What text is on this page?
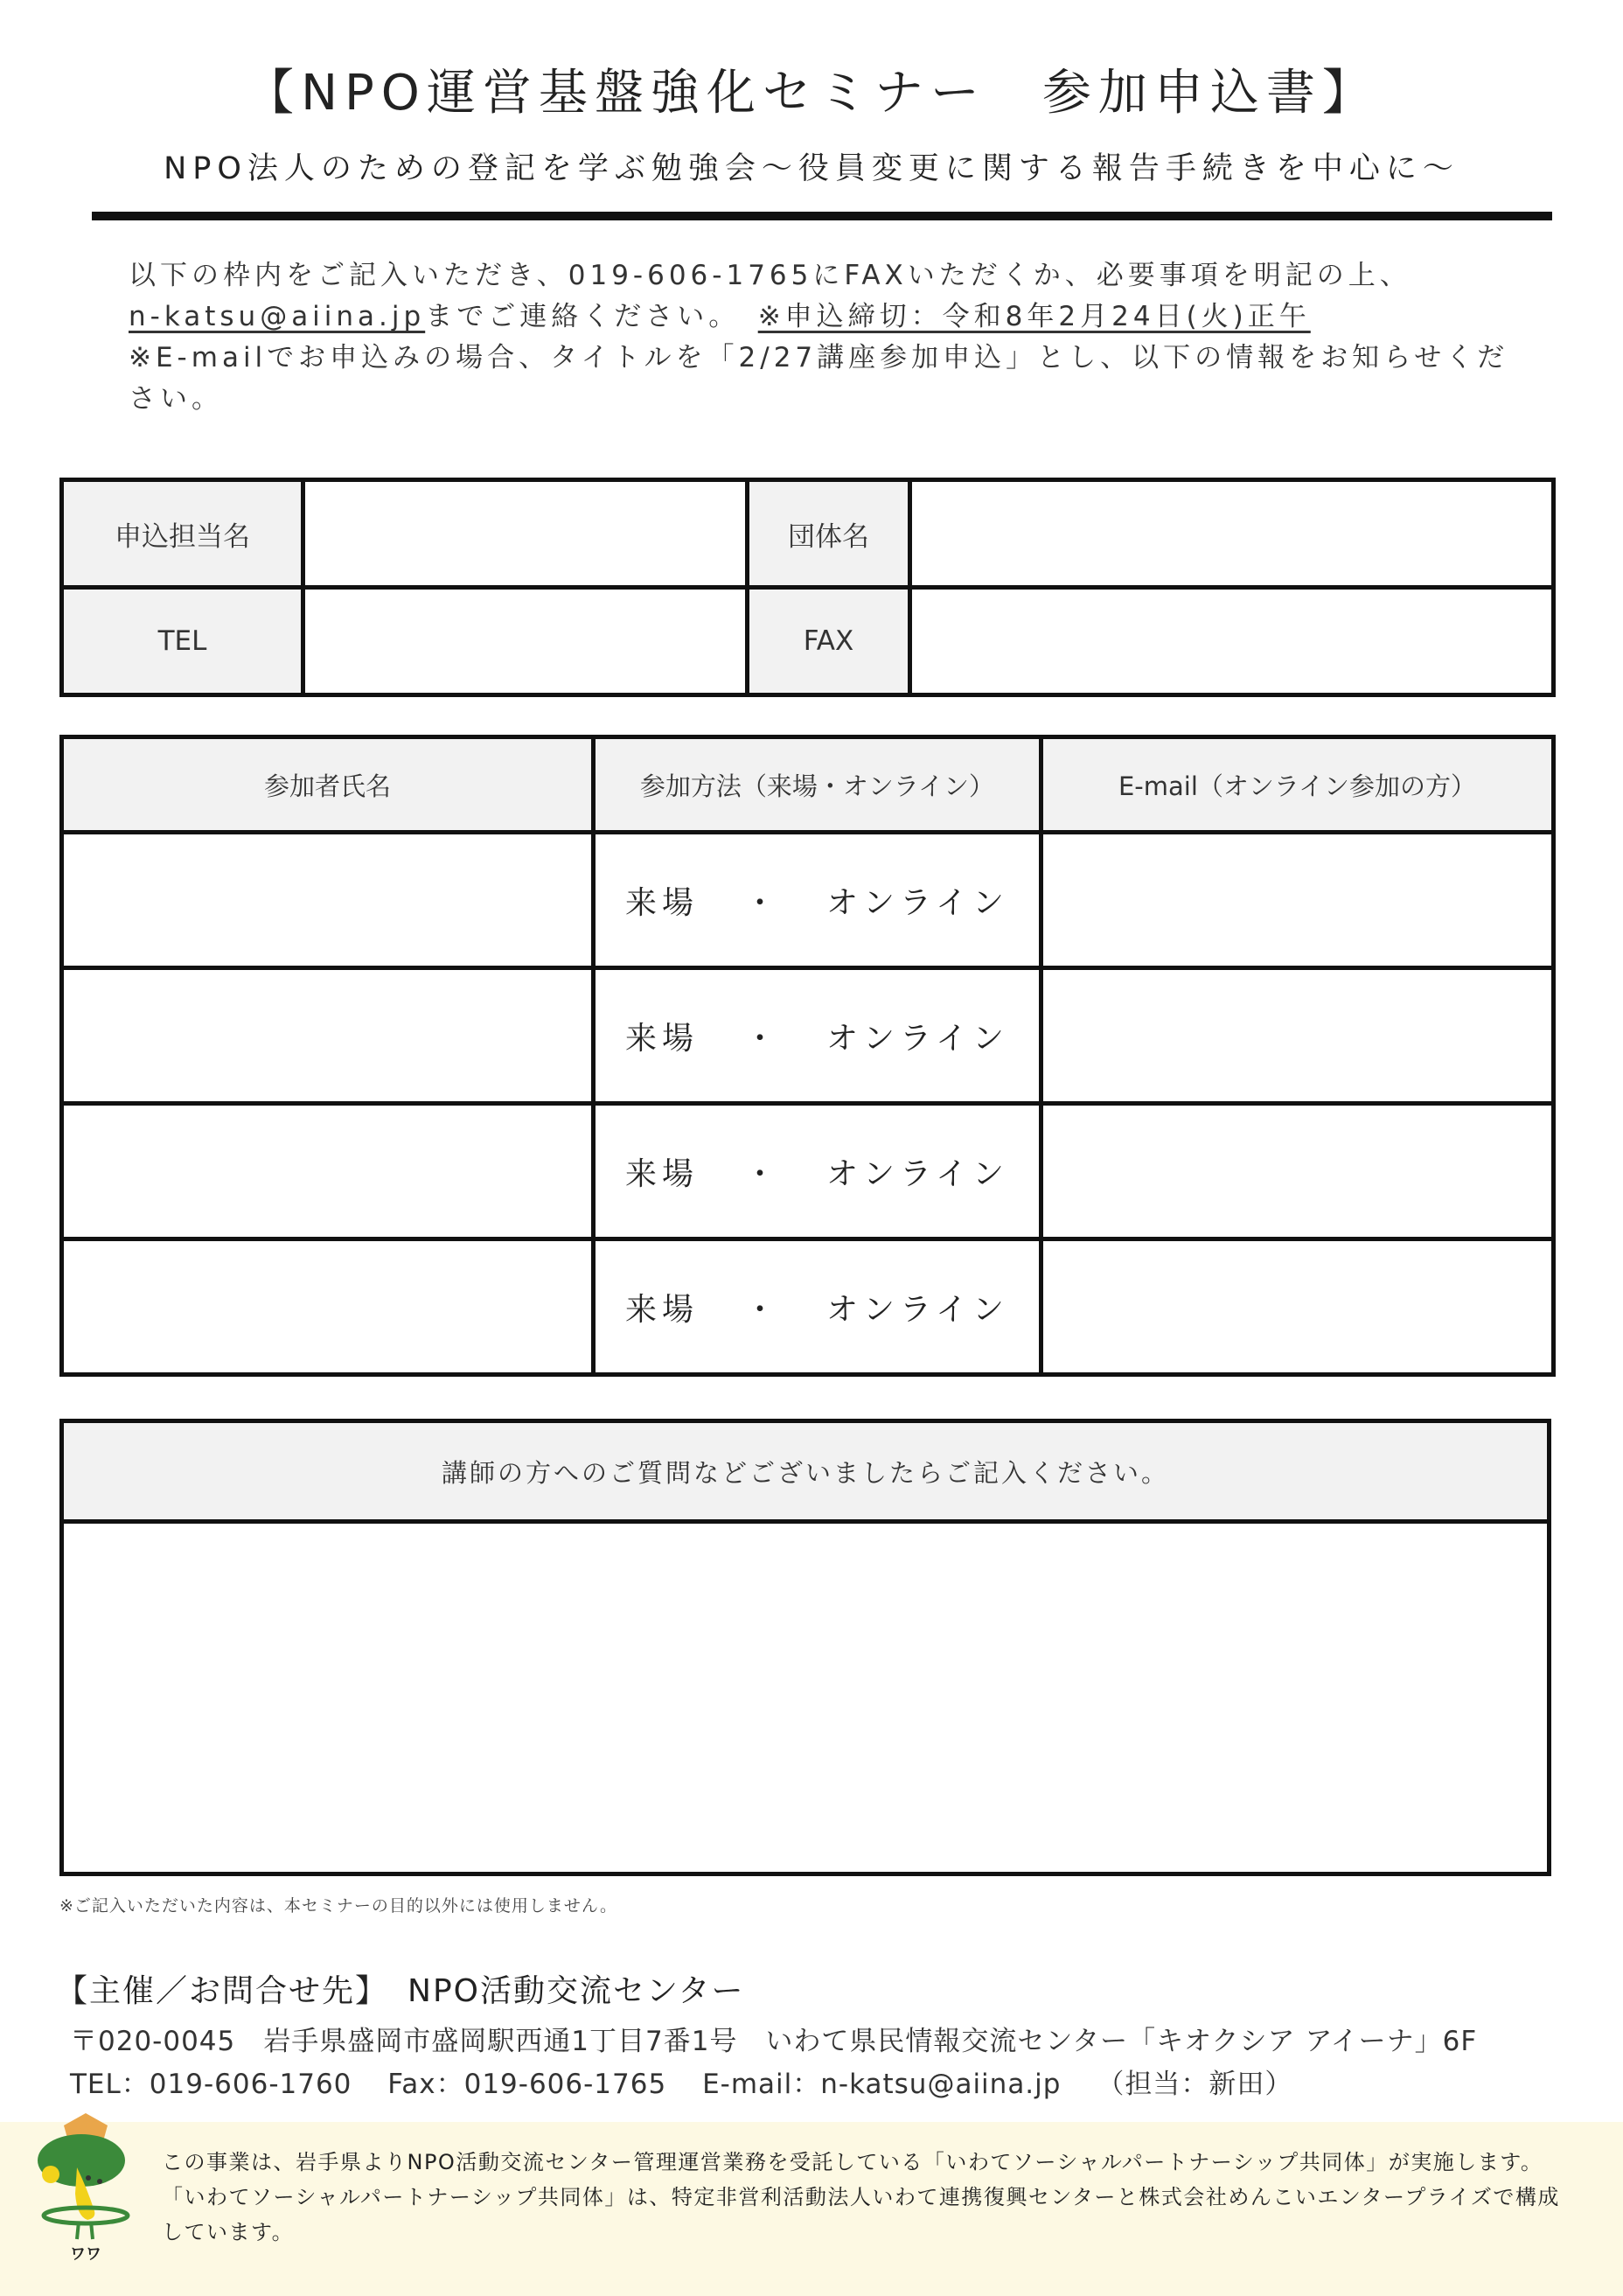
【NPO運営基盤強化セミナー　参加申込書】
NPO法人のための登記を学ぶ勉強会～役員変更に関する報告手続きを中心に～
以下の枠内をご記入いただき、019-606-1765にFAXいただくか、必要事項を明記の上、
n-katsu@aiina.jpまでご連絡ください。　※申込締切：令和8年2月24日(火)正午
※E-mailでお申込みの場合、タイトルを「2/27講座参加申込」とし、以下の情報をお知らせください。
申込担当名		団体名	
TEL		FAX	
参加者氏名	参加方法（来場・オンライン）	E-mail（オンライン参加の方）
	来場 ・ オンライン	
	来場 ・ オンライン	
	来場 ・ オンライン	
	来場 ・ オンライン	
講師の方へのご質問などございましたらご記入ください。

※ご記入いただいた内容は、本セミナーの目的以外には使用しません。
【主催／お問合せ先】 NPO活動交流センター
〒020-0045　岩手県盛岡市盛岡駅西通1丁目7番1号　いわて県民情報交流センター「キオクシア アイーナ」6F
TEL：019-606-1760 Fax：019-606-1765 E-mail：n-katsu@aiina.jp （担当：新田）
ワワ
この事業は、岩手県よりNPO活動交流センター管理運営業務を受託している「いわてソーシャルパートナーシップ共同体」が実施します。「いわてソーシャルパートナーシップ共同体」は、特定非営利活動法人いわて連携復興センターと株式会社めんこいエンタープライズで構成しています。
